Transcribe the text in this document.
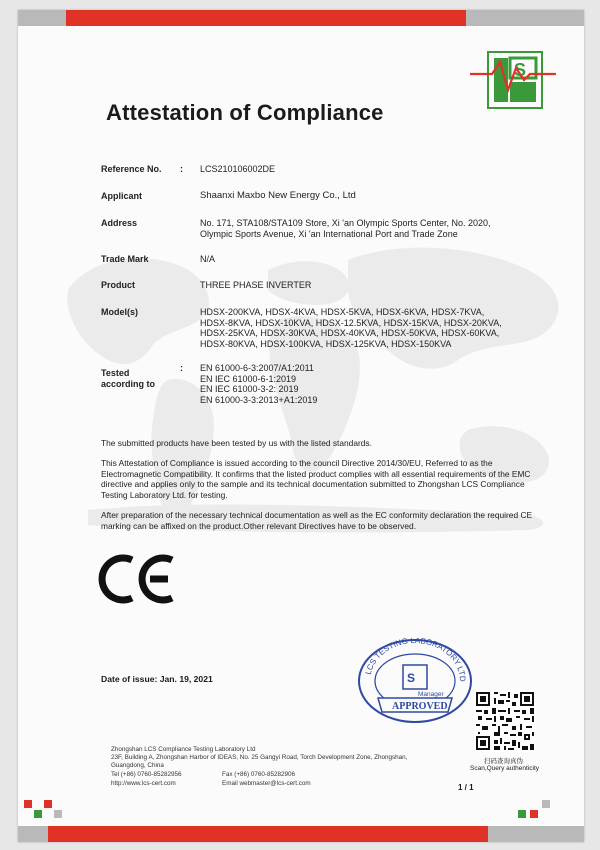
S
Attestation of Compliance
Reference No. : LCS210106002DE
Applicant	Shaanxi Maxbo New Energy Co., Ltd
Address	No. 171, STA108/STA109 Store, Xi 'an Olympic Sports Center, No. 2020,
Olympic Sports Avenue, Xi 'an International Port and Trade Zone
Trade Mark	N/A
Product	THREE PHASE INVERTER
Model(s)	HDSX-200KVA, HDSX-4KVA, HDSX-5KVA, HDSX-6KVA, HDSX-7KVA,
HDSX-8KVA, HDSX-10KVA, HDSX-12.5KVA, HDSX-15KVA, HDSX-20KVA,
HDSX-25KVA, HDSX-30KVA, HDSX-40KVA, HDSX-50KVA, HDSX-60KVA,
HDSX-80KVA, HDSX-100KVA, HDSX-125KVA, HDSX-150KVA
Tested
according to
: EN 61000-6-3:2007/A1:2011
EN IEC 61000-6-1:2019
EN IEC 61000-3-2: 2019
EN 61000-3-3:2013+A1:2019
The submitted products have been tested by us with the listed standards.
This Attestation of Compliance is issued according to the council Directive 2014/30/EU, Referred to as the Electromagnetic Compatibility. It confirms that the listed product complies with all essential requirements of the EMC directive and applies only to the sample and its technical documentation submitted to Zhongshan LCS Compliance Testing Laboratory Ltd. for testing.
After preparation of the necessary technical documentation as well as the EC conformity declaration the required CE marking can be affixed on the product.Other relevant Directives have to be observed.
Date of issue: Jan. 19, 2021
LCS TESTING LABORATORY LTD
S
Manager
APPROVED
扫码查询真伪
Scan,Query authenticity
Zhongshan LCS Compliance Testing Laboratory Ltd
23F, Building A, Zhongshan Harbor of IDEAS, No. 25 Gangyi Road, Torch Development Zone, Zhongshan,
Guangdong, China
Tel (+86) 0760-85282956	Fax (+86) 0760-85282906
http://www.lcs-cert.com	Email webmaster@lcs-cert.com	1 / 1
